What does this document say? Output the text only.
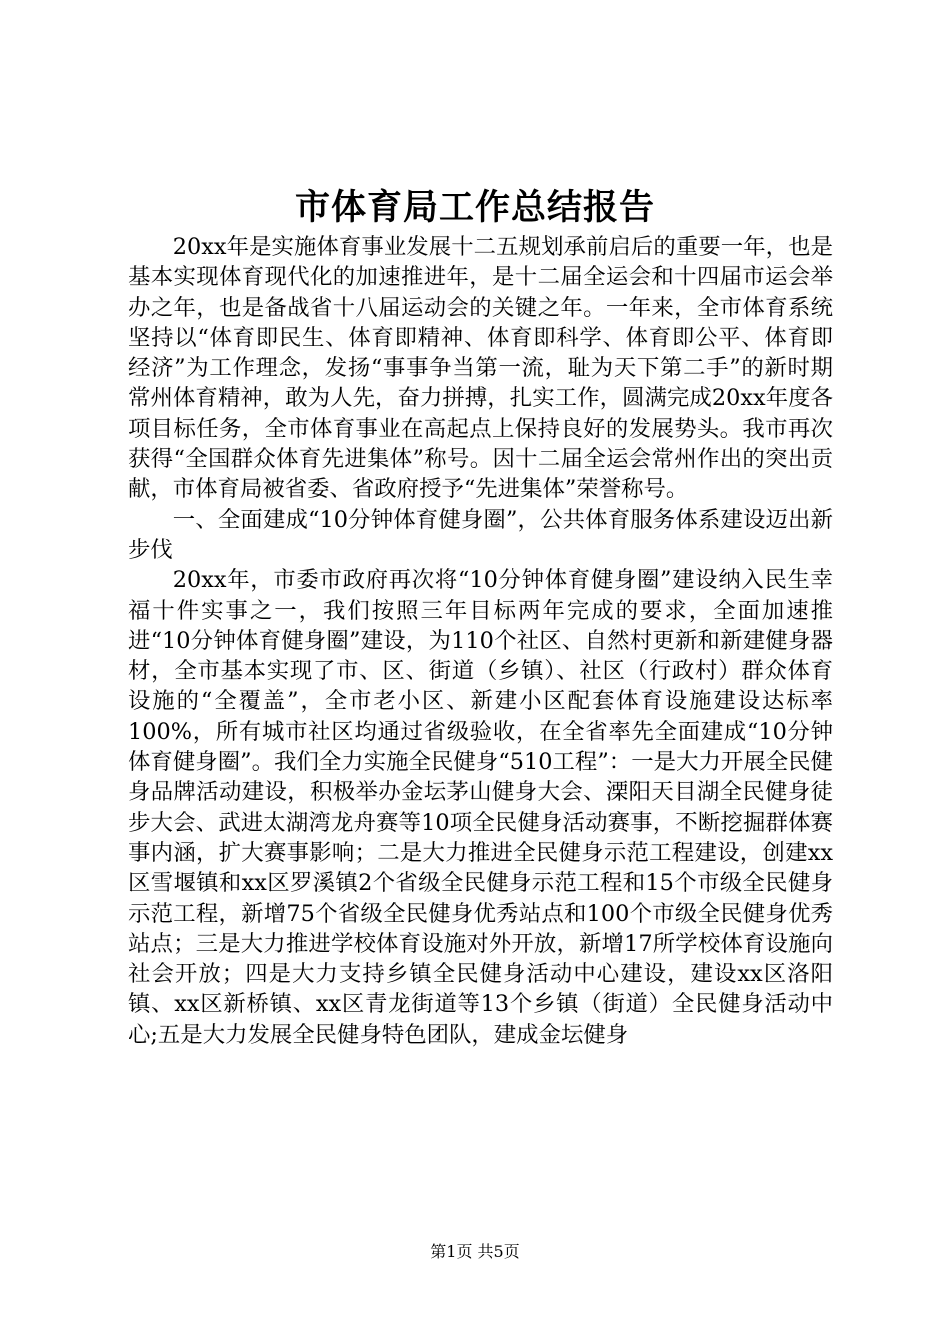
市体育局工作总结报告

20xx年是实施体育事业发展十二五规划承前启后的重要一年，也是基本实现体育现代化的加速推进年，是十二届全运会和十四届市运会举办之年，也是备战省十八届运动会的关键之年。一年来，全市体育系统坚持以“体育即民生、体育即精神、体育即科学、体育即公平、体育即经济”为工作理念，发扬“事事争当第一流，耻为天下第二手”的新时期常州体育精神，敢为人先，奋力拼搏，扎实工作，圆满完成20xx年度各项目标任务，全市体育事业在高起点上保持良好的发展势头。我市再次获得“全国群众体育先进集体”称号。因十二届全运会常州作出的突出贡献，市体育局被省委、省政府授予“先进集体”荣誉称号。

一、全面建成“10分钟体育健身圈”，公共体育服务体系建设迈出新步伐

20xx年，市委市政府再次将“10分钟体育健身圈”建设纳入民生幸福十件实事之一，我们按照三年目标两年完成的要求，全面加速推进“10分钟体育健身圈”建设，为110个社区、自然村更新和新建健身器材，全市基本实现了市、区、街道（乡镇）、社区（行政村）群众体育设施的“全覆盖”，全市老小区、新建小区配套体育设施建设达标率100%，所有城市社区均通过省级验收，在全省率先全面建成“10分钟体育健身圈”。我们全力实施全民健身“510工程”：一是大力开展全民健身品牌活动建设，积极举办金坛茅山健身大会、溧阳天目湖全民健身徒步大会、武进太湖湾龙舟赛等10项全民健身活动赛事，不断挖掘群体赛事内涵，扩大赛事影响；二是大力推进全民健身示范工程建设，创建xx区雪堰镇和xx区罗溪镇2个省级全民健身示范工程和15个市级全民健身示范工程，新增75个省级全民健身优秀站点和100个市级全民健身优秀站点；三是大力推进学校体育设施对外开放，新增17所学校体育设施向社会开放；四是大力支持乡镇全民健身活动中心建设，建设xx区洛阳镇、xx区新桥镇、xx区青龙街道等13个乡镇（街道）全民健身活动中心;五是大力发展全民健身特色团队，建成金坛健身

第1页 共5页
